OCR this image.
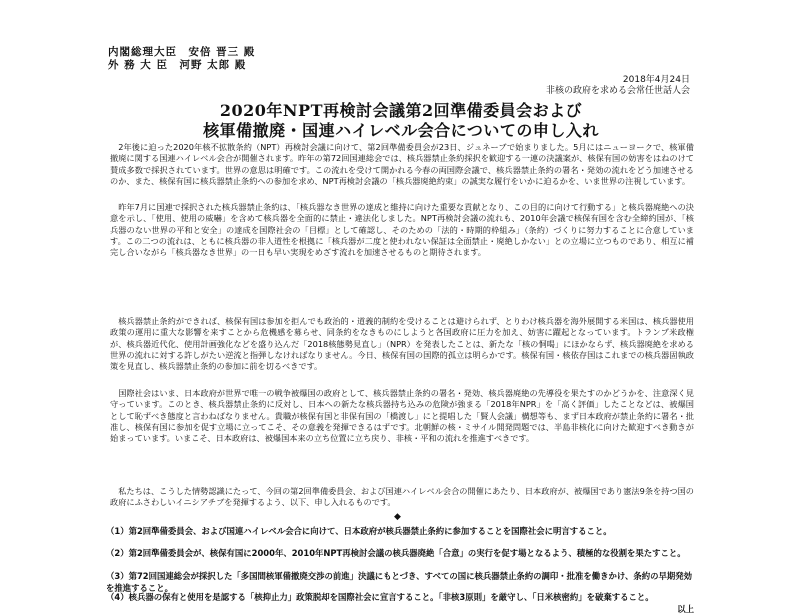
内閣総理大臣　安倍 晋三 殿
外 務 大 臣　河野 太郎 殿
2018年4月24日
非核の政府を求める会常任世話人会
2020年NPT再検討会議第2回準備委員会および
核軍備撤廃・国連ハイレベル会合についての申し入れ

2年後に迫った2020年核不拡散条約（NPT）再検討会議に向けて、第2回準備委員会が23日、ジュネーブで始まりました。5月にはニューヨークで、核軍備撤廃に関する国連ハイレベル会合が開催されます。昨年の第72回国連総会では、核兵器禁止条約採択を歓迎する一連の決議案が、核保有国の妨害をはねのけて賛成多数で採択されています。世界の意思は明確です。この流れを受けて開かれる今春の両国際会議で、核兵器禁止条約の署名・発効の流れをどう加速させるのか、また、核保有国に核兵器禁止条約への参加を求め、NPT再検討会議の「核兵器廃絶約束」の誠実な履行をいかに迫るかを、いま世界の注視しています。

昨年7月に国連で採択された核兵器禁止条約は、「核兵器なき世界の達成と維持に向けた重要な貢献となり、この目的に向けて行動する」と核兵器廃絶への決意を示し、「使用、使用の威嚇」を含めて核兵器を全面的に禁止・違法化しました。NPT再検討会議の流れも、2010年会議で核保有国を含む全締約国が、「核兵器のない世界の平和と安全」の達成を国際社会の「目標」として確認し、そのための「法的・時期的枠組み」（条約）づくりに努力することに合意しています。この二つの流れは、ともに核兵器の非人道性を根拠に「核兵器が二度と使われない保証は全面禁止・廃絶しかない」との立場に立つものであり、相互に補完し合いながら「核兵器なき世界」の一日も早い実現をめざす流れを加速させるものと期待されます。

核兵器禁止条約ができれば、核保有国は参加を拒んでも政治的・道義的制約を受けることは避けられず、とりわけ核兵器を海外展開する米国は、核兵器使用政策の運用に重大な影響を来すことから危機感を募らせ、同条約をなきものにしようと各国政府に圧力を加え、妨害に躍起となっています。トランプ米政権が、核兵器近代化、使用計画強化などを盛り込んだ「2018核態勢見直し」（NPR）を発表したことは、新たな「核の恫喝」にほかならず、核兵器廃絶を求める世界の流れに対する許しがたい逆流と指弾しなければなりません。今日、核保有国の国際的孤立は明らかです。核保有国・核依存国はこれまでの核兵器固執政策を見直し、核兵器禁止条約の参加に前を切るべきです。

国際社会はいま、日本政府が世界で唯一の戦争被爆国の政府として、核兵器禁止条約の署名・発効、核兵器廃絶の先導役を果たすのかどうかを、注意深く見守っています。このとき、核兵器禁止条約に反対し、日本への新たな核兵器持ち込みの危険が強まる「2018年NPR」を「高く評価」したことなどは、被爆国として恥ずべき態度と言わねばなりません。貴職が核保有国と非保有国の「橋渡し」にと提唱した「賢人会議」構想等も、まず日本政府が禁止条約に署名・批准し、核保有国に参加を促す立場に立ってこそ、その意義を発揮できるはずです。北朝鮮の核・ミサイル開発問題では、半島非核化に向けた歓迎すべき動きが始まっています。いまこそ、日本政府は、被爆国本来の立ち位置に立ち戻り、非核・平和の流れを推進すべきです。

私たちは、こうした情勢認識にたって、今回の第2回準備委員会、および国連ハイレベル会合の開催にあたり、日本政府が、被爆国であり憲法9条を持つ国の政府にふさわしいイニシアチブを発揮するよう、以下、申し入れるものです。

◆
（1）第2回準備委員会、および国連ハイレベル会合に向けて、日本政府が核兵器禁止条約に参加することを国際社会に明言すること。
（2）第2回準備委員会が、核保有国に2000年、2010年NPT再検討会議の核兵器廃絶「合意」の実行を促す場となるよう、積極的な役割を果たすこと。
（3）第72回国連総会が採択した「多国間核軍備撤廃交渉の前進」決議にもとづき、すべての国に核兵器禁止条約の調印・批准を働きかけ、条約の早期発効を推進すること。
（4）核兵器の保有と使用を是認する「核抑止力」政策脱却を国際社会に宣言すること。「非核3原則」を厳守し、「日米核密約」を破棄すること。
以上
